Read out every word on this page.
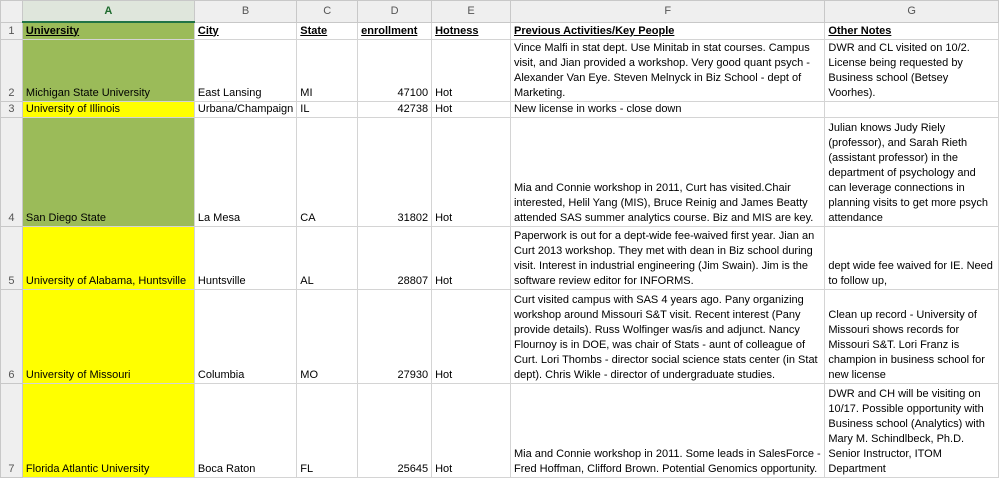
	A	B	C	D	E	F	G
1	University	City	State	enrollment	Hotness	Previous Activities/Key People	Other Notes
2	Michigan State University	East Lansing	MI	47100	Hot	Vince Malfi in stat dept. Use Minitab in stat courses. Campus visit, and Jian provided a workshop. Very good quant psych - Alexander Van Eye. Steven Melnyck in Biz School - dept of Marketing.	DWR and CL visited on 10/2. License being requested by Business school (Betsey Voorhes).
3	University of Illinois	Urbana/Champaign	IL	42738	Hot	New license in works - close down	
4	San Diego State	La Mesa	CA	31802	Hot	Mia and Connie workshop in 2011, Curt has visited.Chair interested, Helil Yang (MIS), Bruce Reinig and James Beatty attended SAS summer analytics course. Biz and MIS are key.	Julian knows Judy Riely (professor), and Sarah Rieth (assistant professor) in the department of psychology and can leverage connections in planning visits to get more psych attendance
5	University of Alabama, Huntsville	Huntsville	AL	28807	Hot	Paperwork is out for a dept-wide fee-waived first year. Jian an Curt 2013 workshop. They met with dean in Biz school during visit. Interest in industrial engineering (Jim Swain). Jim is the software review editor for INFORMS.	dept wide fee waived for IE. Need to follow up,
6	University of Missouri	Columbia	MO	27930	Hot	Curt visited campus with SAS 4 years ago. Pany organizing workshop around Missouri S&T visit. Recent interest (Pany provide details). Russ Wolfinger was/is and adjunct. Nancy Flournoy is in DOE, was chair of Stats - aunt of colleague of Curt. Lori Thombs - director social science stats center (in Stat dept). Chris Wikle - director of undergraduate studies.	Clean up record - University of Missouri shows records for Missouri S&T. Lori Franz is champion in business school for new license
7	Florida Atlantic University	Boca Raton	FL	25645	Hot	Mia and Connie workshop in 2011. Some leads in SalesForce - Fred Hoffman, Clifford Brown. Potential Genomics opportunity.	DWR and CH will be visiting on 10/17. Possible opportunity with Business school (Analytics) with Mary M. Schindlbeck, Ph.D. Senior Instructor, ITOM Department
